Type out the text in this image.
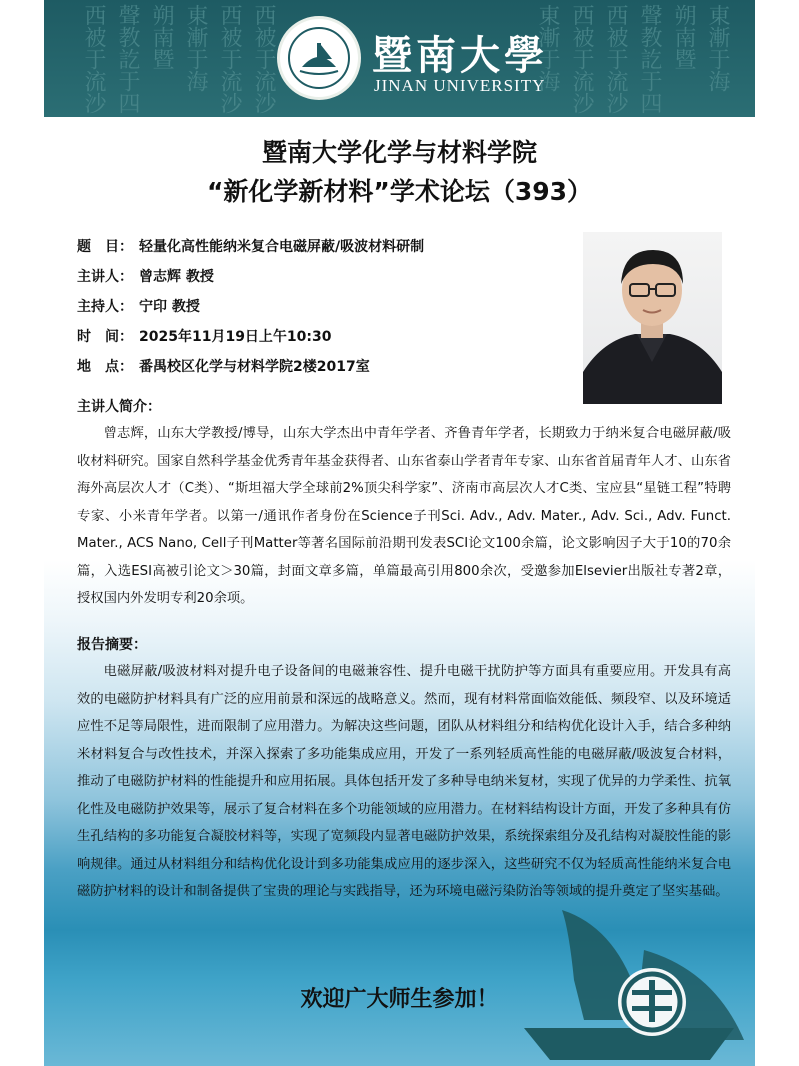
西被于流沙 聲教訖于四 朔南暨 東漸于海 西被于流沙 西被于流沙	東漸于海 西被于流沙 西被于流沙 聲教訖于四 朔南暨 東漸于海
暨南大學
JINAN UNIVERSITY
暨南大学化学与材料学院
“新化学新材料”学术论坛（393）
题　目： 轻量化高性能纳米复合电磁屏蔽/吸波材料研制
主讲人： 曾志辉 教授
主持人： 宁印 教授
时　间： 2025年11月19日上午10:30
地　点： 番禺校区化学与材料学院2楼2017室
主讲人简介：
曾志辉，山东大学教授/博导，山东大学杰出中青年学者、齐鲁青年学者，长期致力于纳米复合电磁屏蔽/吸收材料研究。国家自然科学基金优秀青年基金获得者、山东省泰山学者青年专家、山东省首届青年人才、山东省海外高层次人才（C类）、“斯坦福大学全球前2%顶尖科学家”、济南市高层次人才C类、宝应县“星链工程”特聘专家、小米青年学者。以第一/通讯作者身份在Science子刊Sci. Adv., Adv. Mater., Adv. Sci., Adv. Funct. Mater., ACS Nano, Cell子刊Matter等著名国际前沿期刊发表SCI论文100余篇，论文影响因子大于10的70余篇，入选ESI高被引论文＞30篇，封面文章多篇，单篇最高引用800余次，受邀参加Elsevier出版社专著2章，授权国内外发明专利20余项。
报告摘要：
电磁屏蔽/吸波材料对提升电子设备间的电磁兼容性、提升电磁干扰防护等方面具有重要应用。开发具有高效的电磁防护材料具有广泛的应用前景和深远的战略意义。然而，现有材料常面临效能低、频段窄、以及环境适应性不足等局限性，进而限制了应用潜力。为解决这些问题，团队从材料组分和结构优化设计入手，结合多种纳米材料复合与改性技术，并深入探索了多功能集成应用，开发了一系列轻质高性能的电磁屏蔽/吸波复合材料，推动了电磁防护材料的性能提升和应用拓展。具体包括开发了多种导电纳米复材，实现了优异的力学柔性、抗氧化性及电磁防护效果等，展示了复合材料在多个功能领域的应用潜力。在材料结构设计方面，开发了多种具有仿生孔结构的多功能复合凝胶材料等，实现了宽频段内显著电磁防护效果，系统探索组分及孔结构对凝胶性能的影响规律。通过从材料组分和结构优化设计到多功能集成应用的逐步深入，这些研究不仅为轻质高性能纳米复合电磁防护材料的设计和制备提供了宝贵的理论与实践指导，还为环境电磁污染防治等领域的提升奠定了坚实基础。
欢迎广大师生参加！
